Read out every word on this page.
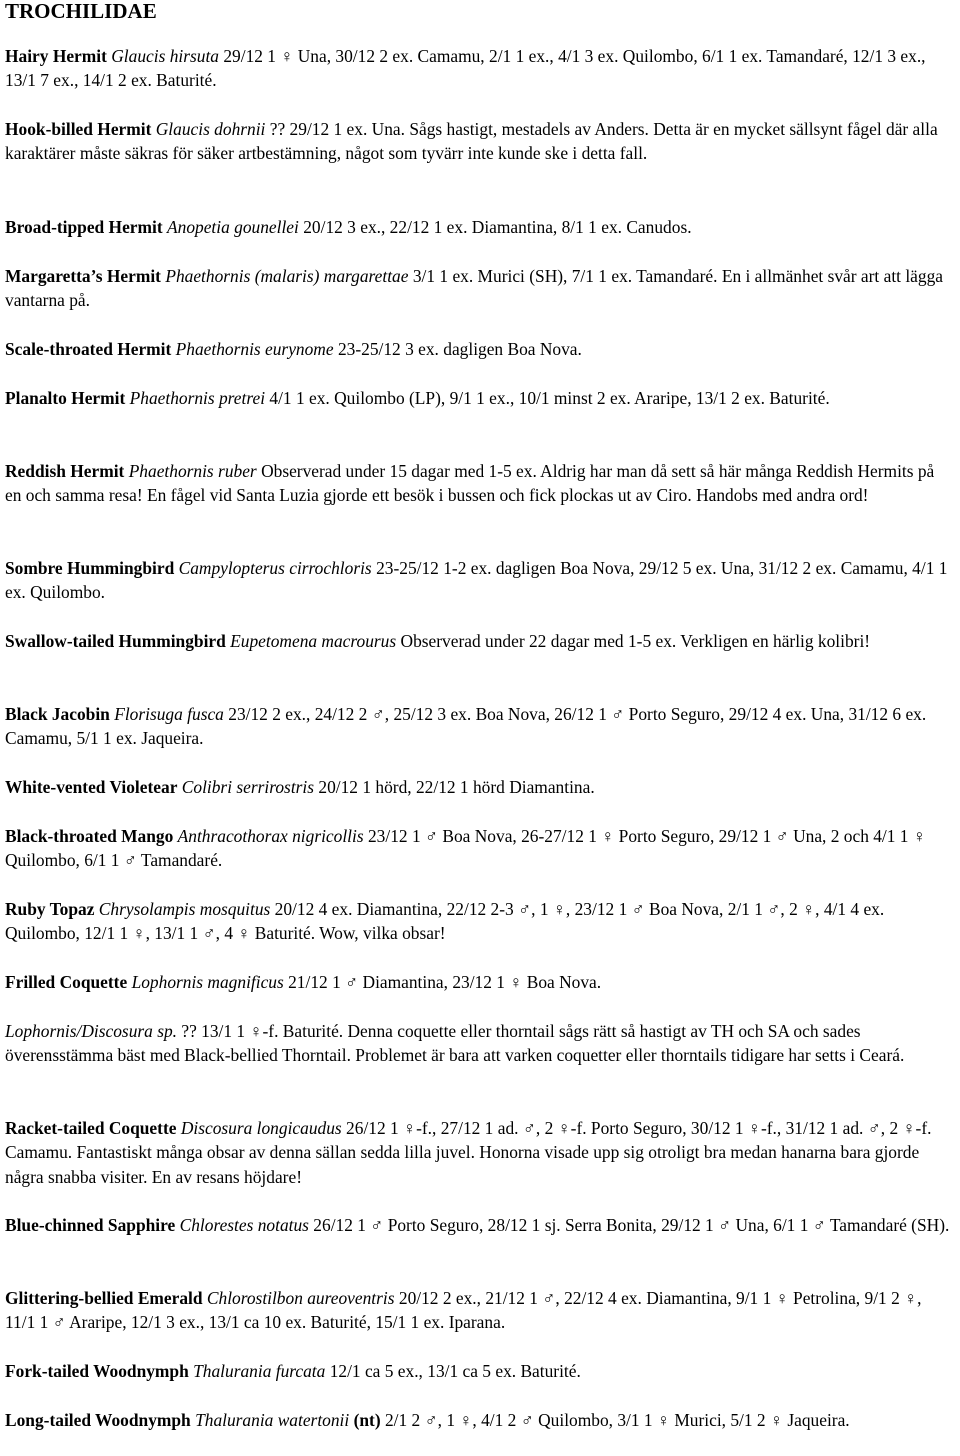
TROCHILIDAE
Hairy Hermit Glaucis hirsuta 29/12 1 ♀ Una, 30/12 2 ex. Camamu, 2/1 1 ex., 4/1 3 ex. Quilombo, 6/1 1 ex. Tamandaré, 12/1 3 ex., 13/1 7 ex., 14/1 2 ex. Baturité.
Hook-billed Hermit Glaucis dohrnii ?? 29/12 1 ex. Una. Sågs hastigt, mestadels av Anders. Detta är en mycket sällsynt fågel där alla karaktärer måste säkras för säker artbestämning, något som tyvärr inte kunde ske i detta fall.
Broad-tipped Hermit Anopetia gounellei 20/12 3 ex., 22/12 1 ex. Diamantina, 8/1 1 ex. Canudos.
Margaretta’s Hermit Phaethornis (malaris) margarettae 3/1 1 ex. Murici (SH), 7/1 1 ex. Tamandaré. En i allmänhet svår art att lägga vantarna på.
Scale-throated Hermit Phaethornis eurynome 23-25/12 3 ex. dagligen Boa Nova.
Planalto Hermit Phaethornis pretrei 4/1 1 ex. Quilombo (LP), 9/1 1 ex., 10/1 minst 2 ex. Araripe, 13/1 2 ex. Baturité.
Reddish Hermit Phaethornis ruber Observerad under 15 dagar med 1-5 ex. Aldrig har man då sett så här många Reddish Hermits på en och samma resa! En fågel vid Santa Luzia gjorde ett besök i bussen och fick plockas ut av Ciro. Handobs med andra ord!
Sombre Hummingbird Campylopterus cirrochloris 23-25/12 1-2 ex. dagligen Boa Nova, 29/12 5 ex. Una, 31/12 2 ex. Camamu, 4/1 1 ex. Quilombo.
Swallow-tailed Hummingbird Eupetomena macrourus Observerad under 22 dagar med 1-5 ex. Verkligen en härlig kolibri!
Black Jacobin Florisuga fusca 23/12 2 ex., 24/12 2 ♂, 25/12 3 ex. Boa Nova, 26/12 1 ♂ Porto Seguro, 29/12 4 ex. Una, 31/12 6 ex. Camamu, 5/1 1 ex. Jaqueira.
White-vented Violetear Colibri serrirostris 20/12 1 hörd, 22/12 1 hörd Diamantina.
Black-throated Mango Anthracothorax nigricollis 23/12 1 ♂ Boa Nova, 26-27/12 1 ♀ Porto Seguro, 29/12 1 ♂ Una, 2 och 4/1 1 ♀ Quilombo, 6/1 1 ♂ Tamandaré.
Ruby Topaz Chrysolampis mosquitus 20/12 4 ex. Diamantina, 22/12 2-3 ♂, 1 ♀, 23/12 1 ♂ Boa Nova, 2/1 1 ♂, 2 ♀, 4/1 4 ex. Quilombo, 12/1 1 ♀, 13/1 1 ♂, 4 ♀ Baturité. Wow, vilka obsar!
Frilled Coquette Lophornis magnificus 21/12 1 ♂ Diamantina, 23/12 1 ♀ Boa Nova.
Lophornis/Discosura sp. ?? 13/1 1 ♀-f. Baturité. Denna coquette eller thorntail sågs rätt så hastigt av TH och SA och sades överensstämma bäst med Black-bellied Thorntail. Problemet är bara att varken coquetter eller thorntails tidigare har setts i Ceará.
Racket-tailed Coquette Discosura longicaudus 26/12 1 ♀-f., 27/12 1 ad. ♂, 2 ♀-f. Porto Seguro, 30/12 1 ♀-f., 31/12 1 ad. ♂, 2 ♀-f. Camamu. Fantastiskt många obsar av denna sällan sedda lilla juvel. Honorna visade upp sig otroligt bra medan hanarna bara gjorde några snabba visiter. En av resans höjdare!
Blue-chinned Sapphire Chlorestes notatus 26/12 1 ♂ Porto Seguro, 28/12 1 sj. Serra Bonita, 29/12 1 ♂ Una, 6/1 1 ♂ Tamandaré (SH).
Glittering-bellied Emerald Chlorostilbon aureoventris 20/12 2 ex., 21/12 1 ♂, 22/12 4 ex. Diamantina, 9/1 1 ♀ Petrolina, 9/1 2 ♀, 11/1 1 ♂ Araripe, 12/1 3 ex., 13/1 ca 10 ex. Baturité, 15/1 1 ex. Iparana.
Fork-tailed Woodnymph Thalurania furcata 12/1 ca 5 ex., 13/1 ca 5 ex. Baturité.
Long-tailed Woodnymph Thalurania watertonii (nt) 2/1 2 ♂, 1 ♀, 4/1 2 ♂ Quilombo, 3/1 1 ♀ Murici, 5/1 2 ♀ Jaqueira.
